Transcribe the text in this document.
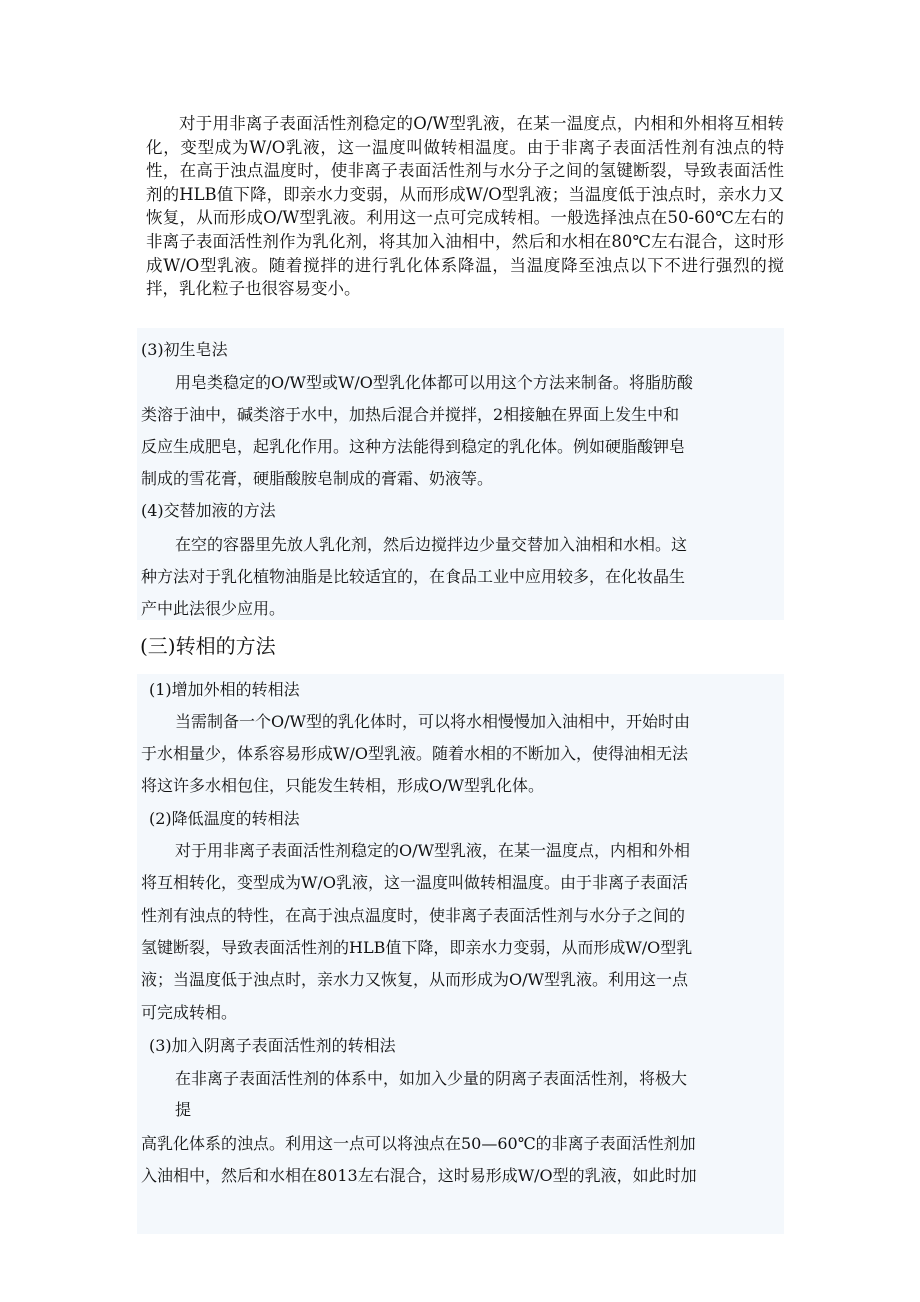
对于用非离子表面活性剂稳定的O/W型乳液，在某一温度点，内相和外相将互相转化，变型成为W/O乳液，这一温度叫做转相温度。由于非离子表面活性剂有浊点的特性，在高于浊点温度时，使非离子表面活性剂与水分子之间的氢键断裂，导致表面活性剂的HLB值下降，即亲水力变弱，从而形成W/O型乳液；当温度低于浊点时，亲水力又恢复，从而形成O/W型乳液。利用这一点可完成转相。一般选择浊点在50-60℃左右的非离子表面活性剂作为乳化剂，将其加入油相中，然后和水相在80℃左右混合，这时形成W/O型乳液。随着搅拌的进行乳化体系降温，当温度降至浊点以下不进行强烈的搅拌，乳化粒子也很容易变小。

(3)初生皂法
用皂类稳定的O/W型或W/O型乳化体都可以用这个方法来制备。将脂肪酸
类溶于油中，碱类溶于水中，加热后混合并搅拌，2相接触在界面上发生中和
反应生成肥皂，起乳化作用。这种方法能得到稳定的乳化体。例如硬脂酸钾皂
制成的雪花膏，硬脂酸胺皂制成的膏霜、奶液等。
(4)交替加液的方法
在空的容器里先放人乳化剂，然后边搅拌边少量交替加入油相和水相。这
种方法对于乳化植物油脂是比较适宜的，在食品工业中应用较多，在化妆晶生
产中此法很少应用。
(三)转相的方法
(1)增加外相的转相法
当需制备一个O/W型的乳化体时，可以将水相慢慢加入油相中，开始时由
于水相量少，体系容易形成W/O型乳液。随着水相的不断加入，使得油相无法
将这许多水相包住，只能发生转相，形成O/W型乳化体。
(2)降低温度的转相法
对于用非离子表面活性剂稳定的O/W型乳液，在某一温度点，内相和外相
将互相转化，变型成为W/O乳液，这一温度叫做转相温度。由于非离子表面活
性剂有浊点的特性，在高于浊点温度时，使非离子表面活性剂与水分子之间的
氢键断裂，导致表面活性剂的HLB值下降，即亲水力变弱，从而形成W/O型乳
液；当温度低于浊点时，亲水力又恢复，从而形成为O/W型乳液。利用这一点
可完成转相。
(3)加入阴离子表面活性剂的转相法
在非离子表面活性剂的体系中，如加入少量的阴离子表面活性剂，将极大
提
高乳化体系的浊点。利用这一点可以将浊点在50—60℃的非离子表面活性剂加
入油相中，然后和水相在8013左右混合，这时易形成W/O型的乳液，如此时加
